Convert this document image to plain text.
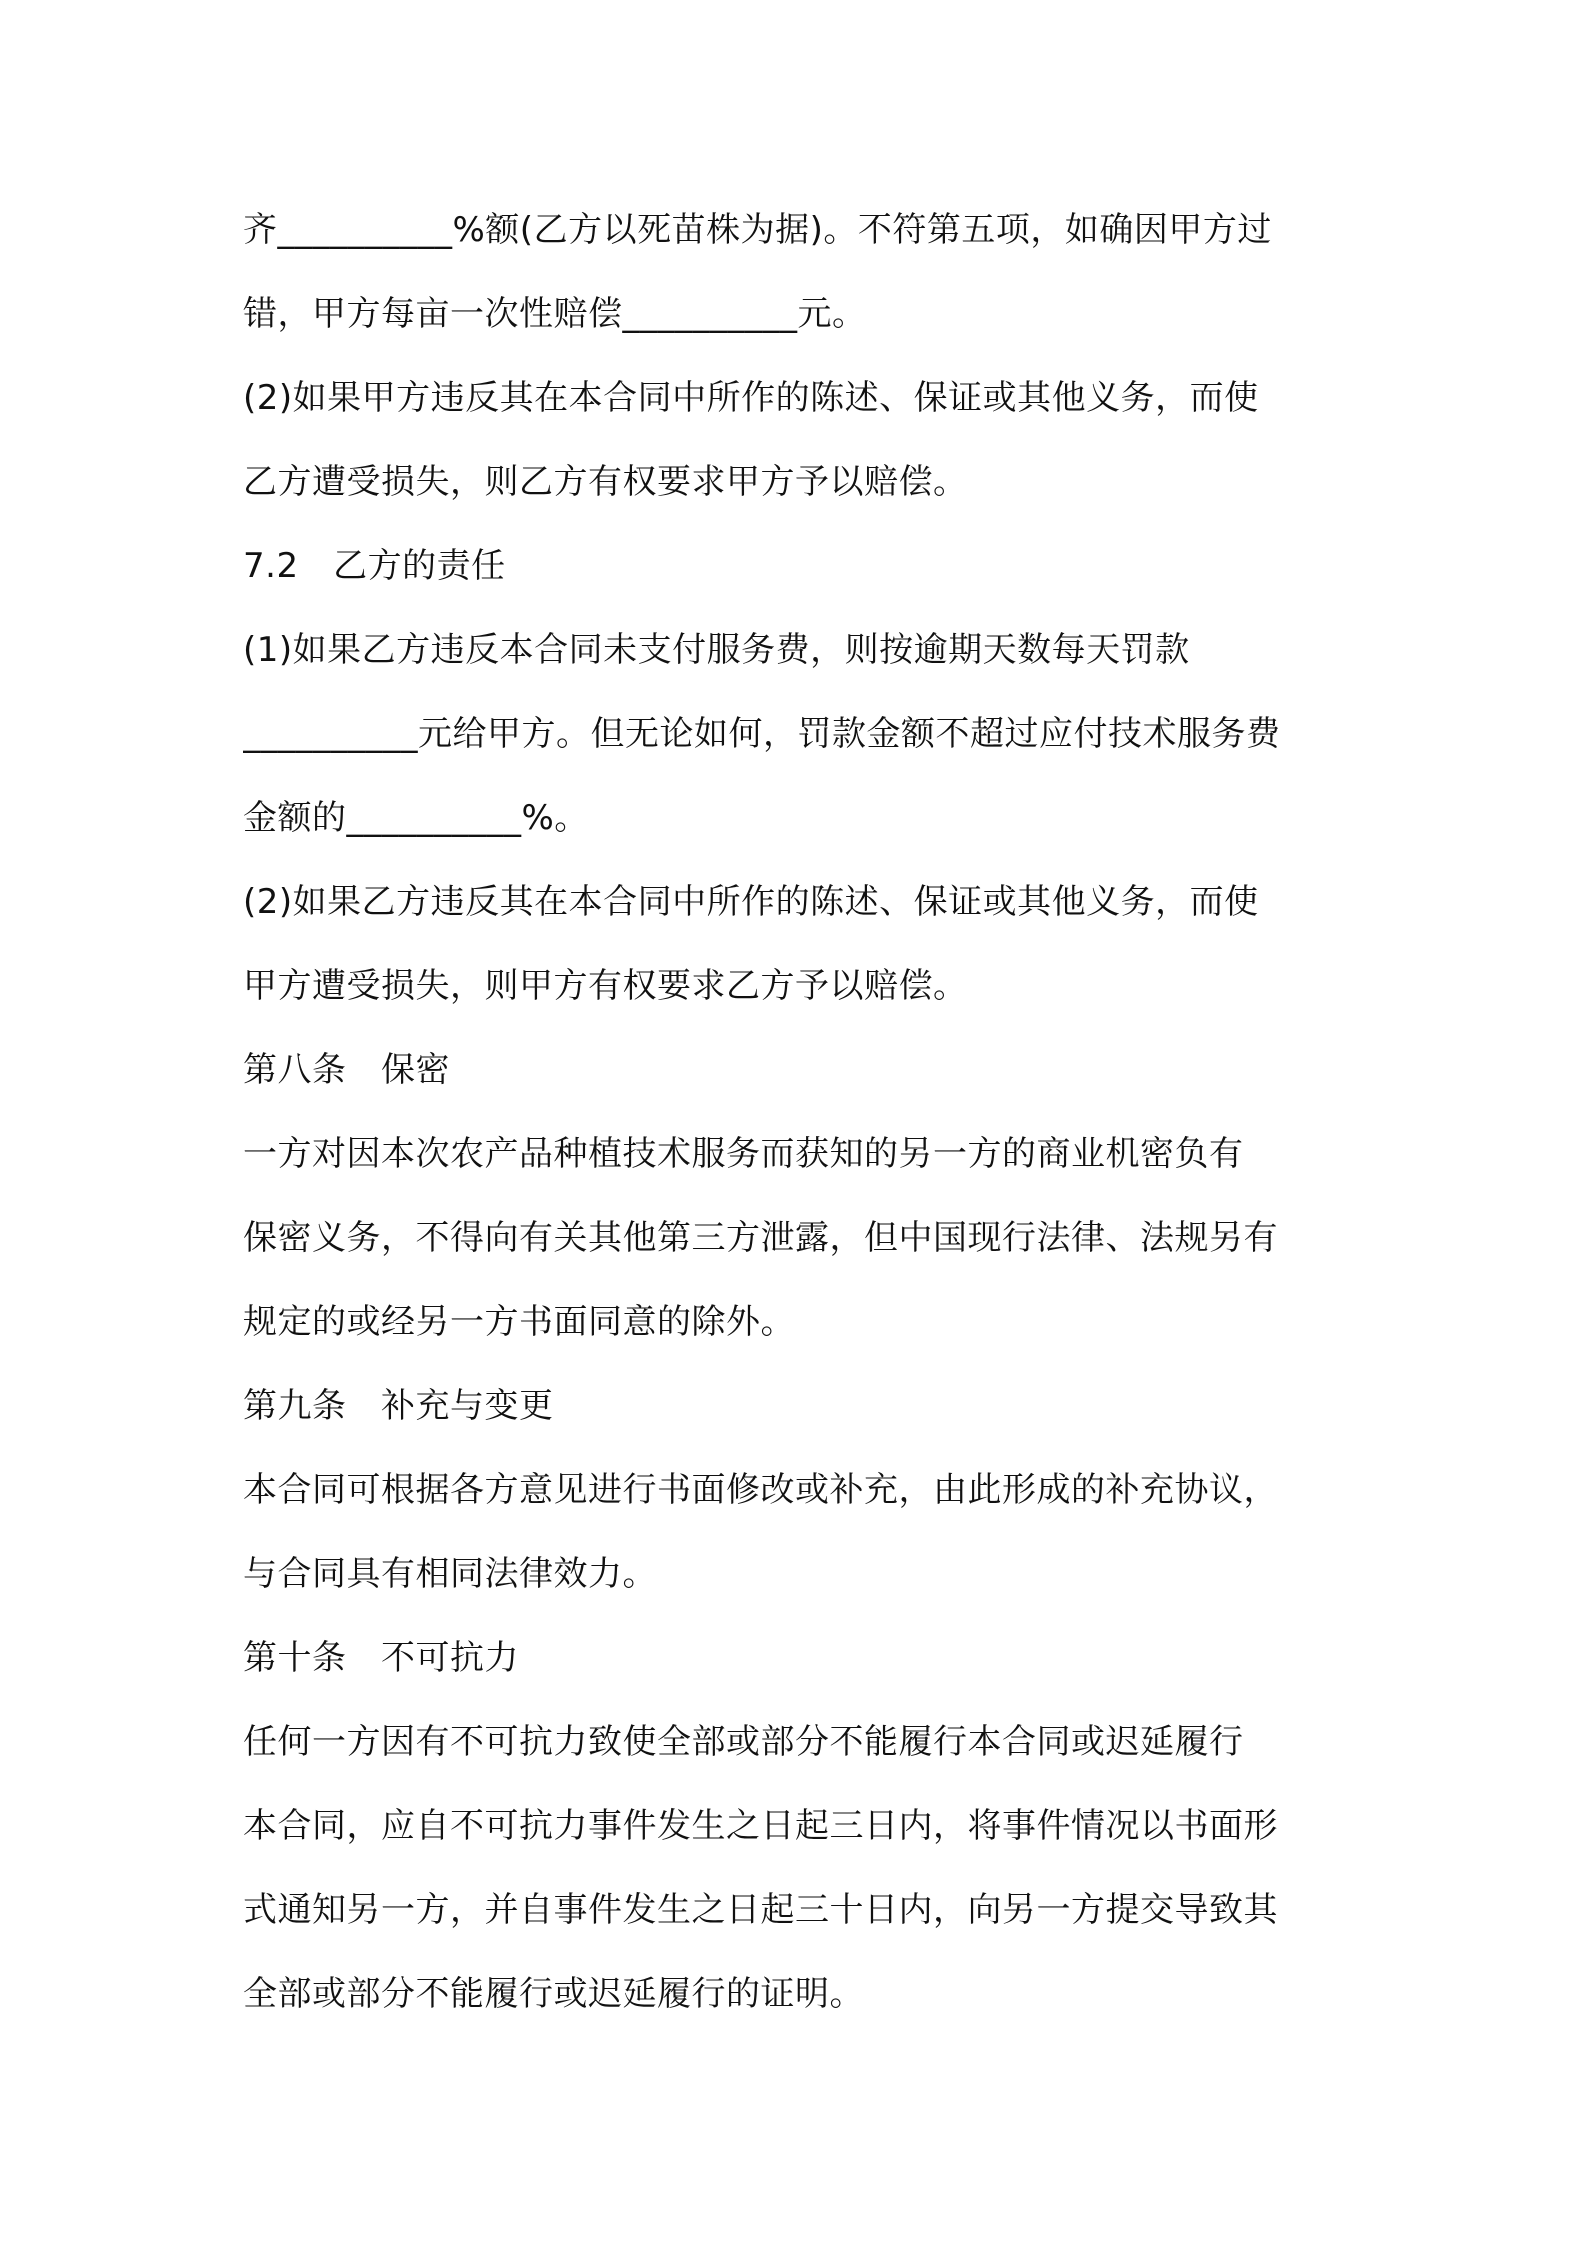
齐__________%额(乙方以死苗株为据)。不符第五项，如确因甲方过
错，甲方每亩一次性赔偿__________元。
(2)如果甲方违反其在本合同中所作的陈述、保证或其他义务，而使
乙方遭受损失，则乙方有权要求甲方予以赔偿。
7.2　乙方的责任
(1)如果乙方违反本合同未支付服务费，则按逾期天数每天罚款
__________元给甲方。但无论如何，罚款金额不超过应付技术服务费
金额的__________%。
(2)如果乙方违反其在本合同中所作的陈述、保证或其他义务，而使
甲方遭受损失，则甲方有权要求乙方予以赔偿。
第八条　保密
一方对因本次农产品种植技术服务而获知的另一方的商业机密负有
保密义务，不得向有关其他第三方泄露，但中国现行法律、法规另有
规定的或经另一方书面同意的除外。
第九条　补充与变更
本合同可根据各方意见进行书面修改或补充，由此形成的补充协议，
与合同具有相同法律效力。
第十条　不可抗力
任何一方因有不可抗力致使全部或部分不能履行本合同或迟延履行
本合同，应自不可抗力事件发生之日起三日内，将事件情况以书面形
式通知另一方，并自事件发生之日起三十日内，向另一方提交导致其
全部或部分不能履行或迟延履行的证明。
